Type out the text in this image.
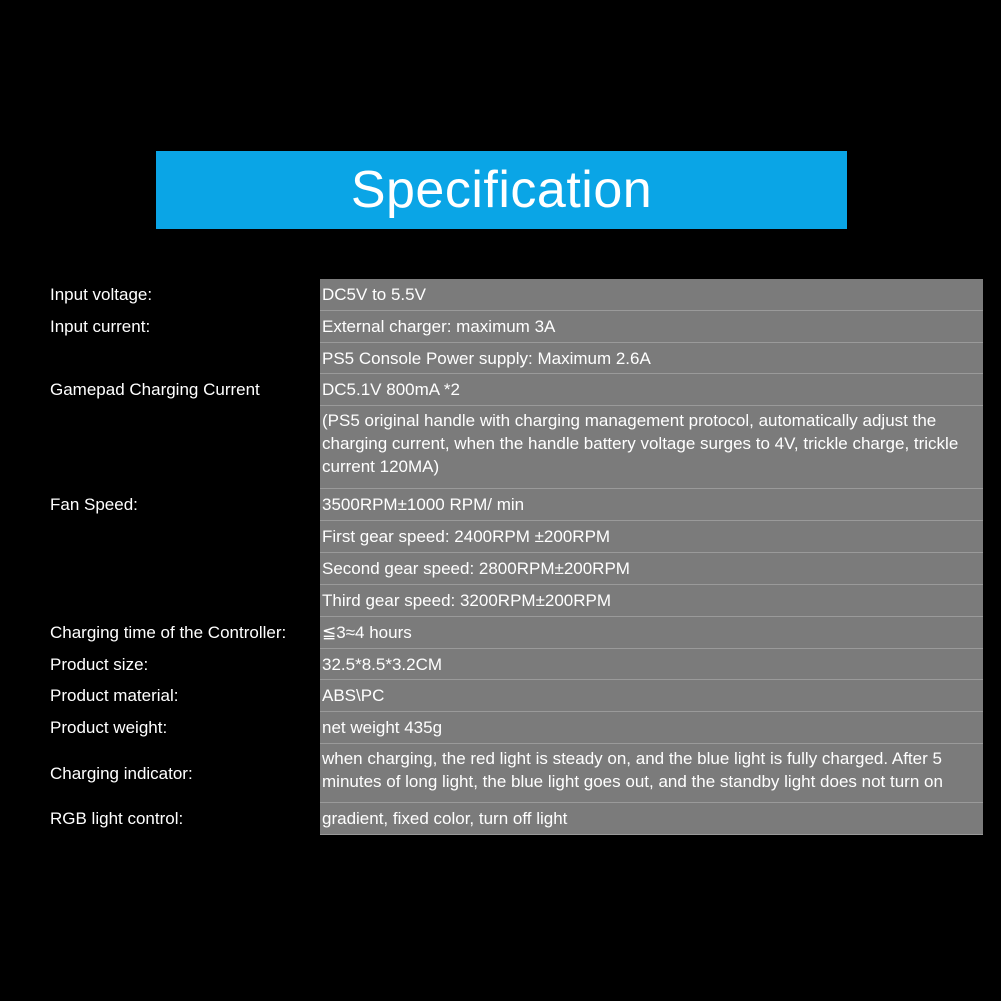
Specification
Input voltage:	DC5V to 5.5V
Input current:	External charger: maximum 3A
PS5 Console Power supply: Maximum 2.6A
Gamepad Charging Current	DC5.1V 800mA *2
(PS5 original handle with charging management protocol, automatically adjust the charging current, when the handle battery voltage surges to 4V, trickle charge, trickle current 120MA)
Fan Speed:	3500RPM±1000 RPM/ min
First gear speed: 2400RPM ±200RPM
Second gear speed: 2800RPM±200RPM
Third gear speed: 3200RPM±200RPM
Charging time of the Controller:	≦3≈4 hours
Product size:	32.5*8.5*3.2CM
Product material:	ABS\PC
Product weight:	net weight 435g
Charging indicator:
when charging, the red light is steady on, and the blue light is fully charged. After 5 minutes of long light, the blue light goes out, and the standby light does not turn on
RGB light control:	gradient, fixed color, turn off light
